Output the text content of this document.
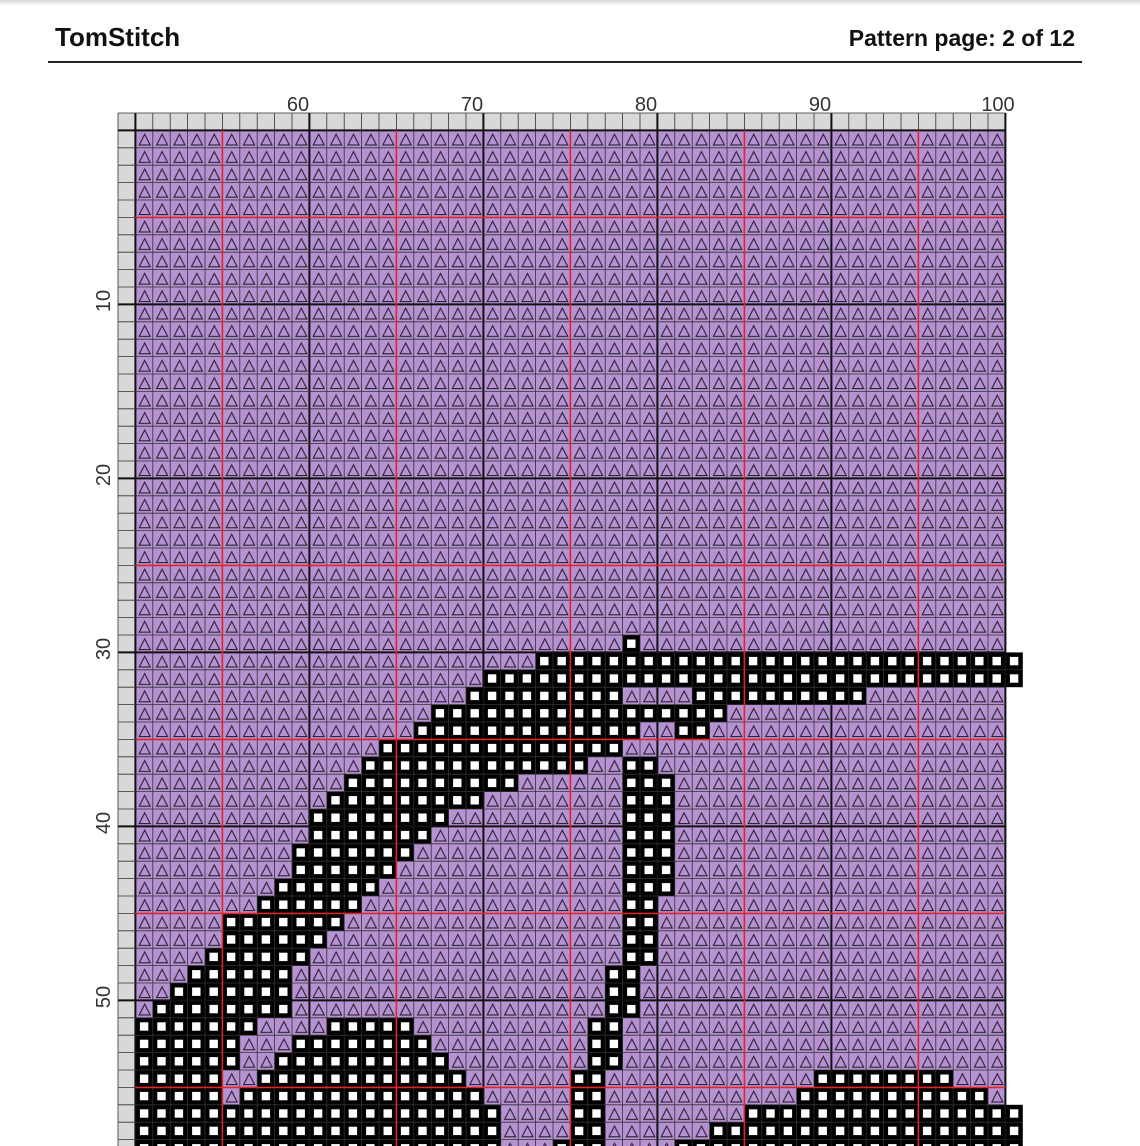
TomStitch	Pattern page: 2 of 12
60	70	80	90	100
10
20
30
40
50
